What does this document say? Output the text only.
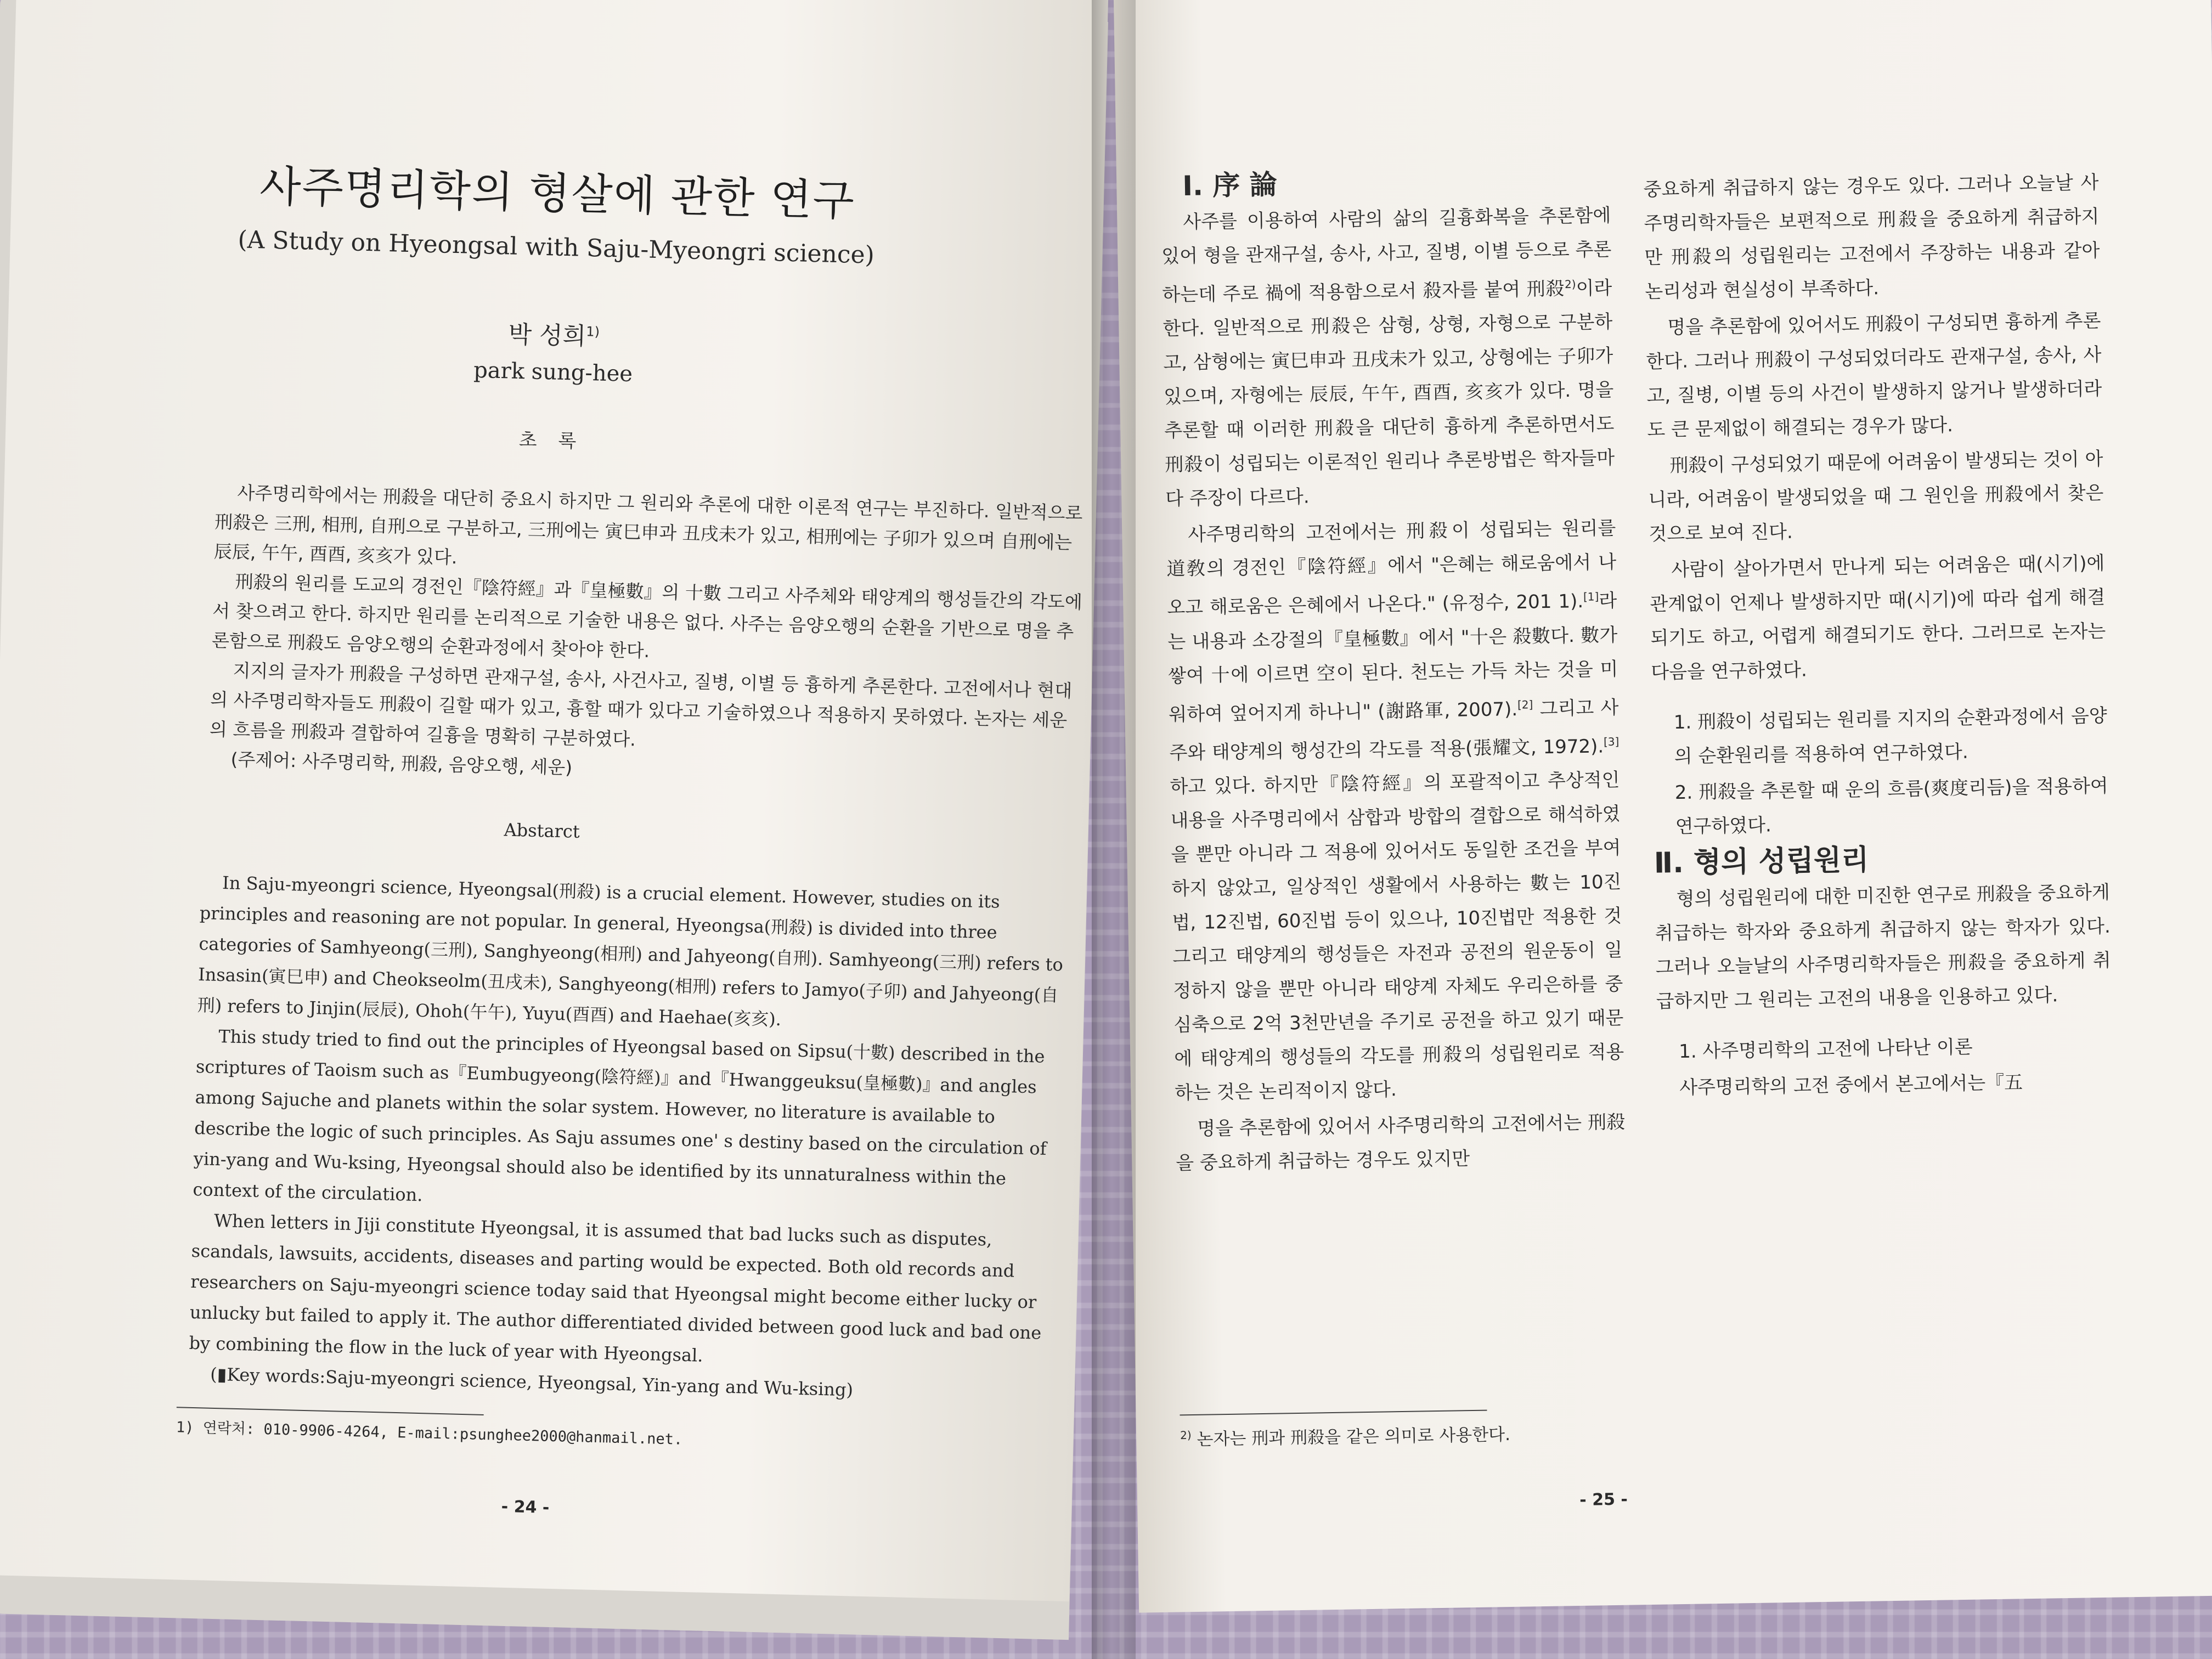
사주명리학의 형살에 관한 연구
(A Study on Hyeongsal with Saju-Myeongri science)
박 성희$^{1)}$
park sung-hee
초 록

사주명리학에서는 刑殺을 대단히 중요시 하지만 그 원리와 추론에 대한 이론적 연구는 부진하다. 일반적으로 刑殺은 三刑, 相刑, 自刑으로 구분하고, 三刑에는 寅巳申과 丑戌未가 있고, 相刑에는 子卯가 있으며 自刑에는 辰辰, 午午, 酉酉, 亥亥가 있다.

刑殺의 원리를 도교의 경전인『陰符經』과『皇極數』의 十數 그리고 사주체와 태양계의 행성들간의 각도에서 찾으려고 한다. 하지만 원리를 논리적으로 기술한 내용은 없다. 사주는 음양오행의 순환을 기반으로 명을 추론함으로 刑殺도 음양오행의 순환과정에서 찾아야 한다.

지지의 글자가 刑殺을 구성하면 관재구설, 송사, 사건사고, 질병, 이별 등 흉하게 추론한다. 고전에서나 현대의 사주명리학자들도 刑殺이 길할 때가 있고, 흉할 때가 있다고 기술하였으나 적용하지 못하였다. 논자는 세운의 흐름을 刑殺과 결합하여 길흉을 명확히 구분하였다.

(주제어: 사주명리학, 刑殺, 음양오행, 세운)

Abstarct

In Saju-myeongri science, Hyeongsal(刑殺) is a crucial element. However, studies on its principles and reasoning are not popular. In general, Hyeongsa(刑殺) is divided into three categories of Samhyeong(三刑), Sanghyeong(相刑) and Jahyeong(自刑). Samhyeong(三刑) refers to Insasin(寅巳申) and Cheokseolm(丑戌未), Sanghyeong(相刑) refers to Jamyo(子卯) and Jahyeong(自刑) refers to Jinjin(辰辰), Ohoh(午午), Yuyu(酉酉) and Haehae(亥亥).

This study tried to find out the principles of Hyeongsal based on Sipsu(十數) described in the scriptures of Taoism such as『Eumbugyeong(陰符經)』and『Hwanggeuksu(皇極數)』and angles among Sajuche and planets within the solar system. However, no literature is available to describe the logic of such principles. As Saju assumes one' s destiny based on the circulation of yin-yang and Wu-ksing, Hyeongsal should also be identified by its unnaturalness within the context of the circulation.

When letters in Jiji constitute Hyeongsal, it is assumed that bad lucks such as disputes, scandals, lawsuits, accidents, diseases and parting would be expected. Both old records and researchers on Saju-myeongri science today said that Hyeongsal might become either lucky or unlucky but failed to apply it. The author differentiated divided between good luck and bad one by combining the flow in the luck of year with Hyeongsal.

(▮Key words:Saju-myeongri science, Hyeongsal, Yin-yang and Wu-ksing)

1) 연락처: 010-9906-4264, E-mail:psunghee2000@hanmail.net.
- 24 -

Ⅰ. 序 論

사주를 이용하여 사람의 삶의 길흉화복을 추론함에 있어 형을 관재구설, 송사, 사고, 질병, 이별 등으로 추론하는데 주로 禍에 적용함으로서 殺자를 붙여 刑殺$^{2)}$이라 한다. 일반적으로 刑殺은 삼형, 상형, 자형으로 구분하고, 삼형에는 寅巳申과 丑戌未가 있고, 상형에는 子卯가 있으며, 자형에는 辰辰, 午午, 酉酉, 亥亥가 있다. 명을 추론할 때 이러한 刑殺을 대단히 흉하게 추론하면서도 刑殺이 성립되는 이론적인 원리나 추론방법은 학자들마다 주장이 다르다.

사주명리학의 고전에서는 刑殺이 성립되는 원리를 道敎의 경전인『陰符經』에서 "은혜는 해로움에서 나오고 해로움은 은혜에서 나온다." (유정수, 201 1).[1]라는 내용과 소강절의『皇極數』에서 "十은 殺數다. 數가 쌓여 十에 이르면 空이 된다. 천도는 가득 차는 것을 미워하여 엎어지게 하나니" (謝路軍, 2007).[2] 그리고 사주와 태양계의 행성간의 각도를 적용(張耀文, 1972).[3]하고 있다. 하지만『陰符經』의 포괄적이고 추상적인 내용을 사주명리에서 삼합과 방합의 결합으로 해석하였을 뿐만 아니라 그 적용에 있어서도 동일한 조건을 부여하지 않았고, 일상적인 생활에서 사용하는 數는 10진법, 12진법, 60진법 등이 있으나, 10진법만 적용한 것 그리고 태양계의 행성들은 자전과 공전의 원운동이 일정하지 않을 뿐만 아니라 태양계 자체도 우리은하를 중심축으로 2억 3천만년을 주기로 공전을 하고 있기 때문에 태양계의 행성들의 각도를 刑殺의 성립원리로 적용하는 것은 논리적이지 않다.

명을 추론함에 있어서 사주명리학의 고전에서는 刑殺을 중요하게 취급하는 경우도 있지만

중요하게 취급하지 않는 경우도 있다. 그러나 오늘날 사주명리학자들은 보편적으로 刑殺을 중요하게 취급하지만 刑殺의 성립원리는 고전에서 주장하는 내용과 같아 논리성과 현실성이 부족하다.

명을 추론함에 있어서도 刑殺이 구성되면 흉하게 추론한다. 그러나 刑殺이 구성되었더라도 관재구설, 송사, 사고, 질병, 이별 등의 사건이 발생하지 않거나 발생하더라도 큰 문제없이 해결되는 경우가 많다.

刑殺이 구성되었기 때문에 어려움이 발생되는 것이 아니라, 어려움이 발생되었을 때 그 원인을 刑殺에서 찾은 것으로 보여 진다.

사람이 살아가면서 만나게 되는 어려움은 때(시기)에 관계없이 언제나 발생하지만 때(시기)에 따라 쉽게 해결되기도 하고, 어렵게 해결되기도 한다. 그러므로 논자는 다음을 연구하였다.

1. 刑殺이 성립되는 원리를 지지의 순환과정에서 음양의 순환원리를 적용하여 연구하였다.

2. 刑殺을 추론할 때 운의 흐름(爽度리듬)을 적용하여 연구하였다.

Ⅱ. 형의 성립원리

형의 성립원리에 대한 미진한 연구로 刑殺을 중요하게 취급하는 학자와 중요하게 취급하지 않는 학자가 있다. 그러나 오늘날의 사주명리학자들은 刑殺을 중요하게 취급하지만 그 원리는 고전의 내용을 인용하고 있다.

1. 사주명리학의 고전에 나타난 이론

사주명리학의 고전 중에서 본고에서는『五

$^{2)}$ 논자는 刑과 刑殺을 같은 의미로 사용한다.
- 25 -
